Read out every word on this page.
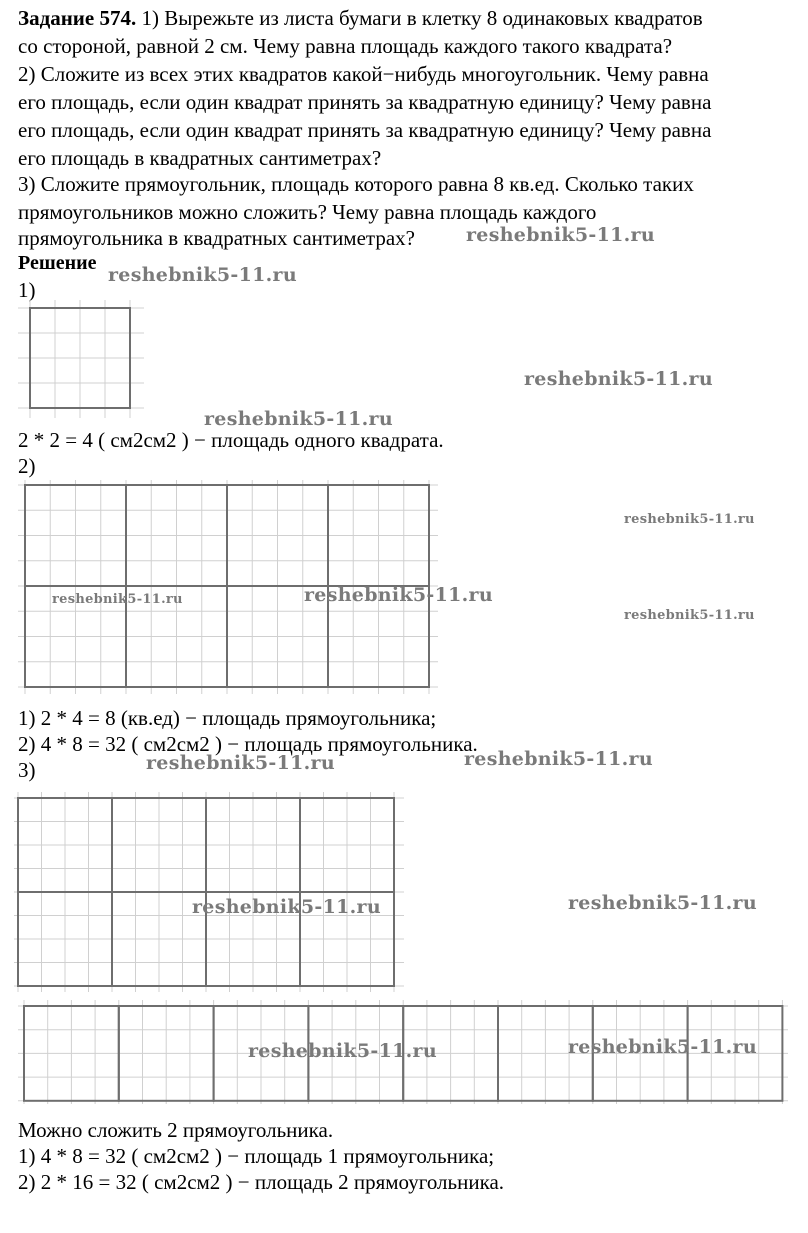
Задание 574. 1) Вырежьте из листа бумаги в клетку 8 одинаковых квадратов
со стороной, равной 2 см. Чему равна площадь каждого такого квадрата?
2) Сложите из всех этих квадратов какой−нибудь многоугольник. Чему равна
его площадь, если один квадрат принять за квадратную единицу? Чему равна
его площадь, если один квадрат принять за квадратную единицу? Чему равна
его площадь в квадратных сантиметрах?
3) Сложите прямоугольник, площадь которого равна 8 кв.ед. Сколько таких
прямоугольников можно сложить? Чему равна площадь каждого
прямоугольника в квадратных сантиметрах?
Решение
1)
2 * 2 = 4 ( см2см2 ) − площадь одного квадрата.
2)
1) 2 * 4 = 8 (кв.ед) − площадь прямоугольника;
2) 4 * 8 = 32 ( см2см2 ) − площадь прямоугольника.
3)
Можно сложить 2 прямоугольника.
1) 4 * 8 = 32 ( см2см2 ) − площадь 1 прямоугольника;
2) 2 * 16 = 32 ( см2см2 ) − площадь 2 прямоугольника.
reshebnik5-11.ru
reshebnik5-11.ru
reshebnik5-11.ru
reshebnik5-11.ru
reshebnik5-11.ru
reshebnik5-11.ru	reshebnik5-11.ru
reshebnik5-11.ru
reshebnik5-11.ru	reshebnik5-11.ru
reshebnik5-11.ru	reshebnik5-11.ru
reshebnik5-11.ru	reshebnik5-11.ru
